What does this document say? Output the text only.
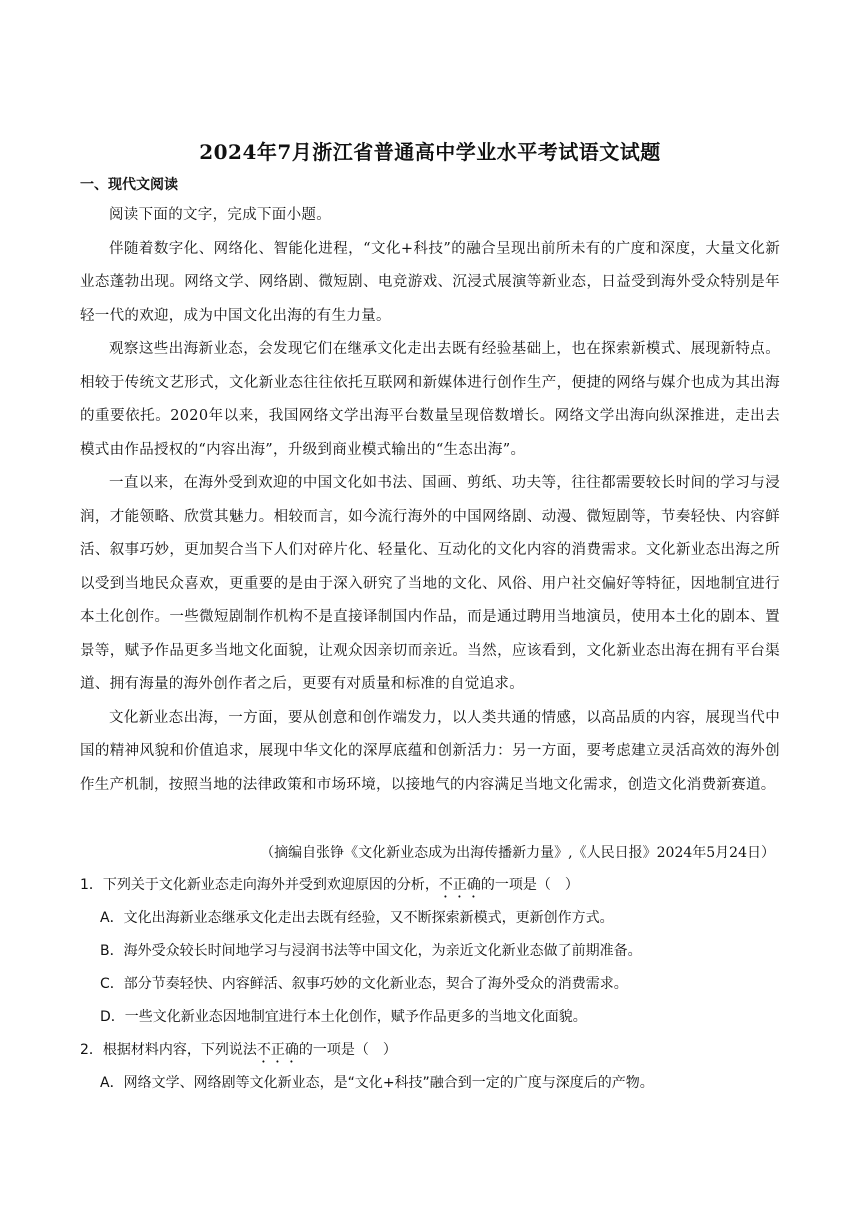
2024年7月浙江省普通高中学业水平考试语文试题
一、现代文阅读

阅读下面的文字，完成下面小题。

伴随着数字化、网络化、智能化进程，“文化+科技”的融合呈现出前所未有的广度和深度，大量文化新业态蓬勃出现。网络文学、网络剧、微短剧、电竞游戏、沉浸式展演等新业态，日益受到海外受众特别是年轻一代的欢迎，成为中国文化出海的有生力量。

观察这些出海新业态，会发现它们在继承文化走出去既有经验基础上，也在探索新模式、展现新特点。相较于传统文艺形式，文化新业态往往依托互联网和新媒体进行创作生产，便捷的网络与媒介也成为其出海的重要依托。2020年以来，我国网络文学出海平台数量呈现倍数增长。网络文学出海向纵深推进，走出去模式由作品授权的“内容出海”，升级到商业模式输出的“生态出海”。

一直以来，在海外受到欢迎的中国文化如书法、国画、剪纸、功夫等，往往都需要较长时间的学习与浸润，才能领略、欣赏其魅力。相较而言，如今流行海外的中国网络剧、动漫、微短剧等，节奏轻快、内容鲜活、叙事巧妙，更加契合当下人们对碎片化、轻量化、互动化的文化内容的消费需求。文化新业态出海之所以受到当地民众喜欢，更重要的是由于深入研究了当地的文化、风俗、用户社交偏好等特征，因地制宜进行本土化创作。一些微短剧制作机构不是直接译制国内作品，而是通过聘用当地演员，使用本土化的剧本、置景等，赋予作品更多当地文化面貌，让观众因亲切而亲近。当然，应该看到，文化新业态出海在拥有平台渠道、拥有海量的海外创作者之后，更要有对质量和标准的自觉追求。

文化新业态出海，一方面，要从创意和创作端发力，以人类共通的情感，以高品质的内容，展现当代中国的精神风貌和价值追求，展现中华文化的深厚底蕴和创新活力：另一方面，要考虑建立灵活高效的海外创作生产机制，按照当地的法律政策和市场环境，以接地气的内容满足当地文化需求，创造文化消费新赛道。

（摘编自张铮《文化新业态成为出海传播新力量》,《人民日报》2024年5月24日）
1．下列关于文化新业态走向海外并受到欢迎原因的分析，不正确的一项是（　）
A．文化出海新业态继承文化走出去既有经验，又不断探索新模式，更新创作方式。
B．海外受众较长时间地学习与浸润书法等中国文化，为亲近文化新业态做了前期准备。
C．部分节奏轻快、内容鲜活、叙事巧妙的文化新业态，契合了海外受众的消费需求。
D．一些文化新业态因地制宜进行本土化创作，赋予作品更多的当地文化面貌。
2．根据材料内容，下列说法不正确的一项是（　）
A．网络文学、网络剧等文化新业态，是“文化+科技”融合到一定的广度与深度后的产物。
